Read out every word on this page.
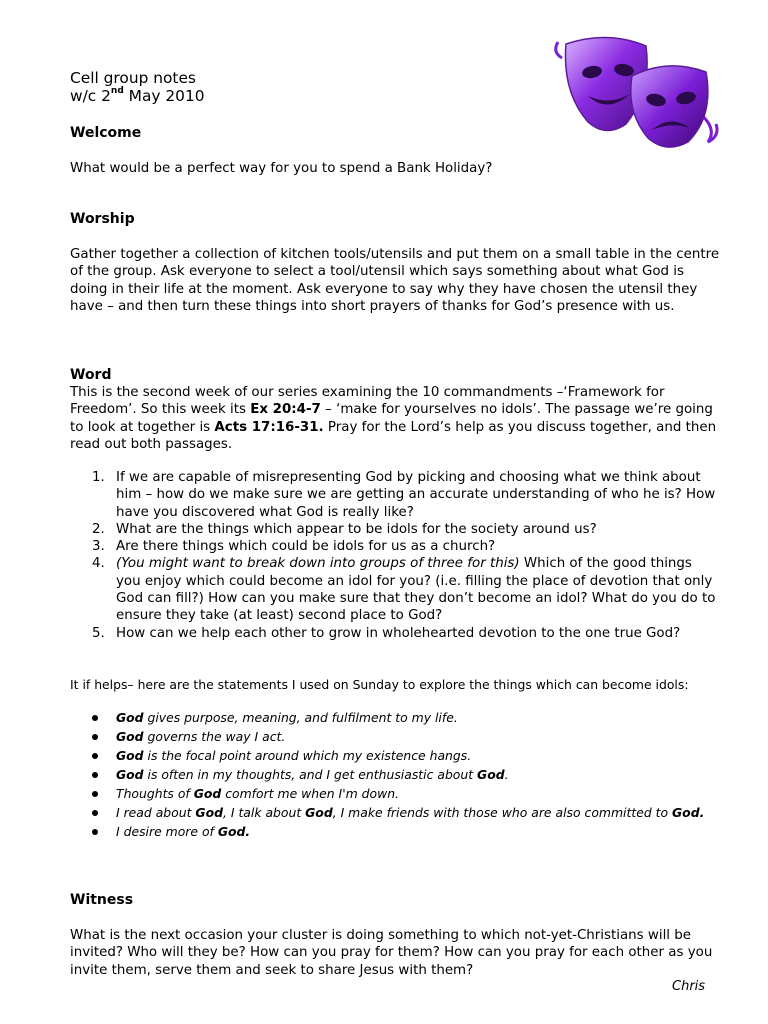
Cell group notes
w/c 2nd May 2010
Welcome
What would be a perfect way for you to spend a Bank Holiday?
Worship
Gather together a collection of kitchen tools/utensils and put them on a small table in the centre of the group. Ask everyone to select a tool/utensil which says something about what God is doing in their life at the moment. Ask everyone to say why they have chosen the utensil they have – and then turn these things into short prayers of thanks for God’s presence with us.
Word
This is the second week of our series examining the 10 commandments –‘Framework for Freedom’. So this week its Ex 20:4-7 – ‘make for yourselves no idols’. The passage we’re going to look at together is Acts 17:16-31. Pray for the Lord’s help as you discuss together, and then read out both passages.
1. If we are capable of misrepresenting God by picking and choosing what we think about him – how do we make sure we are getting an accurate understanding of who he is? How have you discovered what God is really like?
2. What are the things which appear to be idols for the society around us?
3. Are there things which could be idols for us as a church?
4. (You might want to break down into groups of three for this) Which of the good things you enjoy which could become an idol for you? (i.e. filling the place of devotion that only God can fill?) How can you make sure that they don’t become an idol? What do you do to ensure they take (at least) second place to God?
5. How can we help each other to grow in wholehearted devotion to the one true God?
It if helps– here are the statements I used on Sunday to explore the things which can become idols:
God gives purpose, meaning, and fulfilment to my life.
God governs the way I act.
God is the focal point around which my existence hangs.
God is often in my thoughts, and I get enthusiastic about God.
Thoughts of God comfort me when I'm down.
I read about God, I talk about God, I make friends with those who are also committed to God.
I desire more of God.
Witness
What is the next occasion your cluster is doing something to which not-yet-Christians will be invited? Who will they be? How can you pray for them? How can you pray for each other as you invite them, serve them and seek to share Jesus with them?
Chris
